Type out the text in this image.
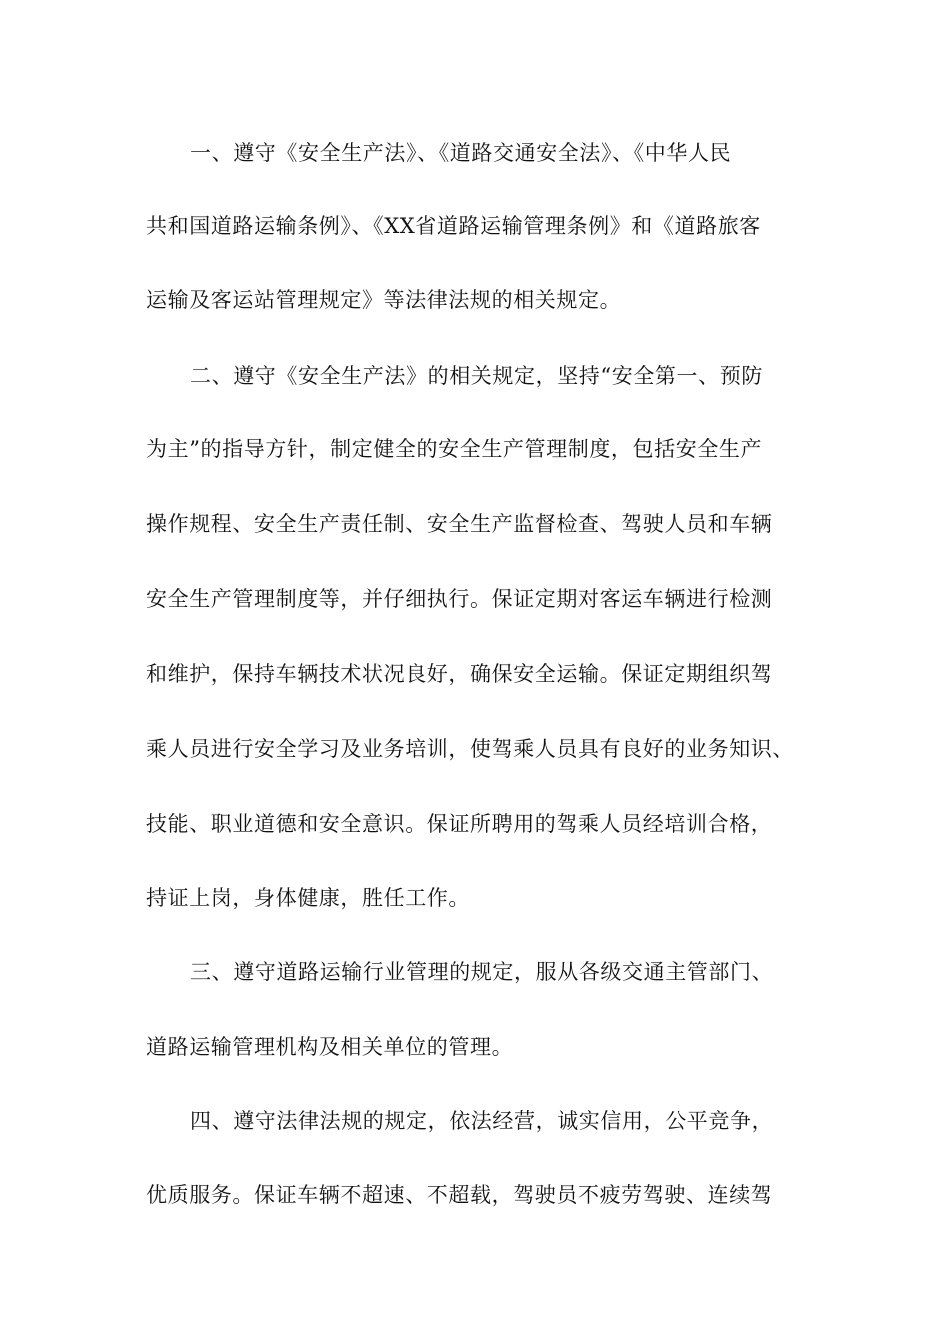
一、遵守《安全生产法》、《道路交通安全法》、《中华人民
共和国道路运输条例》、《XX省道路运输管理条例》和《道路旅客
运输及客运站管理规定》等法律法规的相关规定。
二、遵守《安全生产法》的相关规定，坚持“安全第一、预防
为主”的指导方针，制定健全的安全生产管理制度，包括安全生产
操作规程、安全生产责任制、安全生产监督检查、驾驶人员和车辆
安全生产管理制度等，并仔细执行。保证定期对客运车辆进行检测
和维护，保持车辆技术状况良好，确保安全运输。保证定期组织驾
乘人员进行安全学习及业务培训，使驾乘人员具有良好的业务知识、
技能、职业道德和安全意识。保证所聘用的驾乘人员经培训合格，
持证上岗，身体健康，胜任工作。
三、遵守道路运输行业管理的规定，服从各级交通主管部门、
道路运输管理机构及相关单位的管理。
四、遵守法律法规的规定，依法经营，诚实信用，公平竞争，
优质服务。保证车辆不超速、不超载，驾驶员不疲劳驾驶、连续驾
